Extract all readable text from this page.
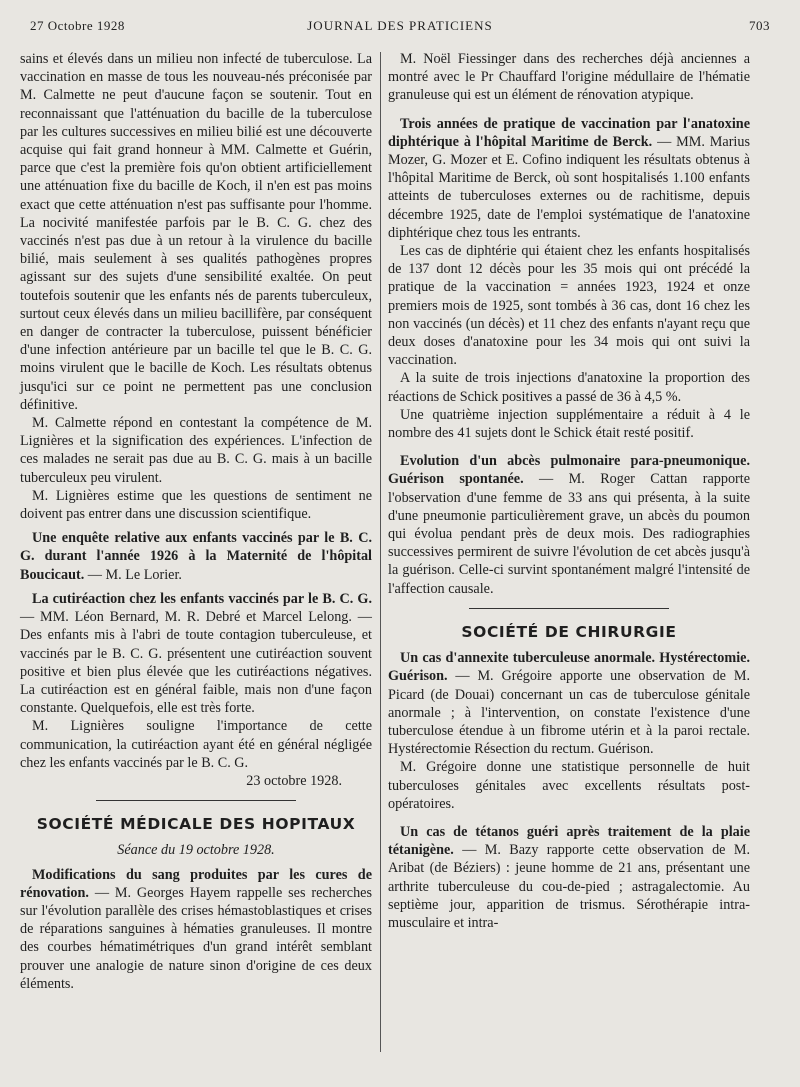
27 Octobre 1928	JOURNAL DES PRATICIENS	703

sains et élevés dans un milieu non infecté de tuberculose. La vaccination en masse de tous les nouveau-nés préconisée par M. Calmette ne peut d'aucune façon se soutenir. Tout en reconnaissant que l'atténuation du bacille de la tuberculose par les cultures successives en milieu bilié est une découverte acquise qui fait grand honneur à MM. Calmette et Guérin, parce que c'est la première fois qu'on obtient artificiellement une atténuation fixe du bacille de Koch, il n'en est pas moins exact que cette atténuation n'est pas suffisante pour l'homme. La nocivité manifestée parfois par le B. C. G. chez des vaccinés n'est pas due à un retour à la virulence du bacille bilié, mais seulement à ses qualités pathogènes propres agissant sur des sujets d'une sensibilité exaltée. On peut toutefois soutenir que les enfants nés de parents tuberculeux, surtout ceux élevés dans un milieu bacillifère, par conséquent en danger de contracter la tuberculose, puissent bénéficier d'une infection antérieure par un bacille tel que le B. C. G. moins virulent que le bacille de Koch. Les résultats obtenus jusqu'ici sur ce point ne permettent pas une conclusion définitive.

M. Calmette répond en contestant la compétence de M. Lignières et la signification des expériences. L'infection de ces malades ne serait pas due au B. C. G. mais à un bacille tuberculeux peu virulent.

M. Lignières estime que les questions de sentiment ne doivent pas entrer dans une discussion scientifique.

Une enquête relative aux enfants vaccinés par le B. C. G. durant l'année 1926 à la Maternité de l'hôpital Boucicaut. — M. Le Lorier.

La cutiréaction chez les enfants vaccinés par le B. C. G. — MM. Léon Bernard, M. R. Debré et Marcel Lelong. — Des enfants mis à l'abri de toute contagion tuberculeuse, et vaccinés par le B. C. G. présentent une cutiréaction souvent positive et bien plus élevée que les cutiréactions négatives. La cutiréaction est en général faible, mais non d'une façon constante. Quelquefois, elle est très forte.

M. Lignières souligne l'importance de cette communication, la cutiréaction ayant été en général négligée chez les enfants vaccinés par le B. C. G.

23 octobre 1928.
SOCIÉTÉ MÉDICALE DES HOPITAUX
Séance du 19 octobre 1928.

Modifications du sang produites par les cures de rénovation. — M. Georges Hayem rappelle ses recherches sur l'évolution parallèle des crises hémastoblastiques et crises de réparations sanguines à hématies granuleuses. Il montre des courbes hématimétriques d'un grand intérêt semblant prouver une analogie de nature sinon d'origine de ces deux éléments.

M. Noël Fiessinger dans des recherches déjà anciennes a montré avec le Pr Chauffard l'origine médullaire de l'hématie granuleuse qui est un élément de rénovation atypique.

Trois années de pratique de vaccination par l'anatoxine diphtérique à l'hôpital Maritime de Berck. — MM. Marius Mozer, G. Mozer et E. Cofino indiquent les résultats obtenus à l'hôpital Maritime de Berck, où sont hospitalisés 1.100 enfants atteints de tuberculoses externes ou de rachitisme, depuis décembre 1925, date de l'emploi systématique de l'anatoxine diphtérique chez tous les entrants.

Les cas de diphtérie qui étaient chez les enfants hospitalisés de 137 dont 12 décès pour les 35 mois qui ont précédé la pratique de la vaccination = années 1923, 1924 et onze premiers mois de 1925, sont tombés à 36 cas, dont 16 chez les non vaccinés (un décès) et 11 chez des enfants n'ayant reçu que deux doses d'anatoxine pour les 34 mois qui ont suivi la vaccination.

A la suite de trois injections d'anatoxine la proportion des réactions de Schick positives a passé de 36 à 4,5 %.

Une quatrième injection supplémentaire a réduit à 4 le nombre des 41 sujets dont le Schick était resté positif.

Evolution d'un abcès pulmonaire para-pneumonique. Guérison spontanée. — M. Roger Cattan rapporte l'observation d'une femme de 33 ans qui présenta, à la suite d'une pneumonie particulièrement grave, un abcès du poumon qui évolua pendant près de deux mois. Des radiographies successives permirent de suivre l'évolution de cet abcès jusqu'à la guérison. Celle-ci survint spontanément malgré l'intensité de l'affection causale.

SOCIÉTÉ DE CHIRURGIE

Un cas d'annexite tuberculeuse anormale. Hystérectomie. Guérison. — M. Grégoire apporte une observation de M. Picard (de Douai) concernant un cas de tuberculose génitale anormale ; à l'intervention, on constate l'existence d'une tuberculose étendue à un fibrome utérin et à la paroi rectale. Hystérectomie Résection du rectum. Guérison.

M. Grégoire donne une statistique personnelle de huit tuberculoses génitales avec excellents résultats post-opératoires.

Un cas de tétanos guéri après traitement de la plaie tétanigène. — M. Bazy rapporte cette observation de M. Aribat (de Béziers) : jeune homme de 21 ans, présentant une arthrite tuberculeuse du cou-de-pied ; astragalectomie. Au septième jour, apparition de trismus. Sérothérapie intra-musculaire et intra-
